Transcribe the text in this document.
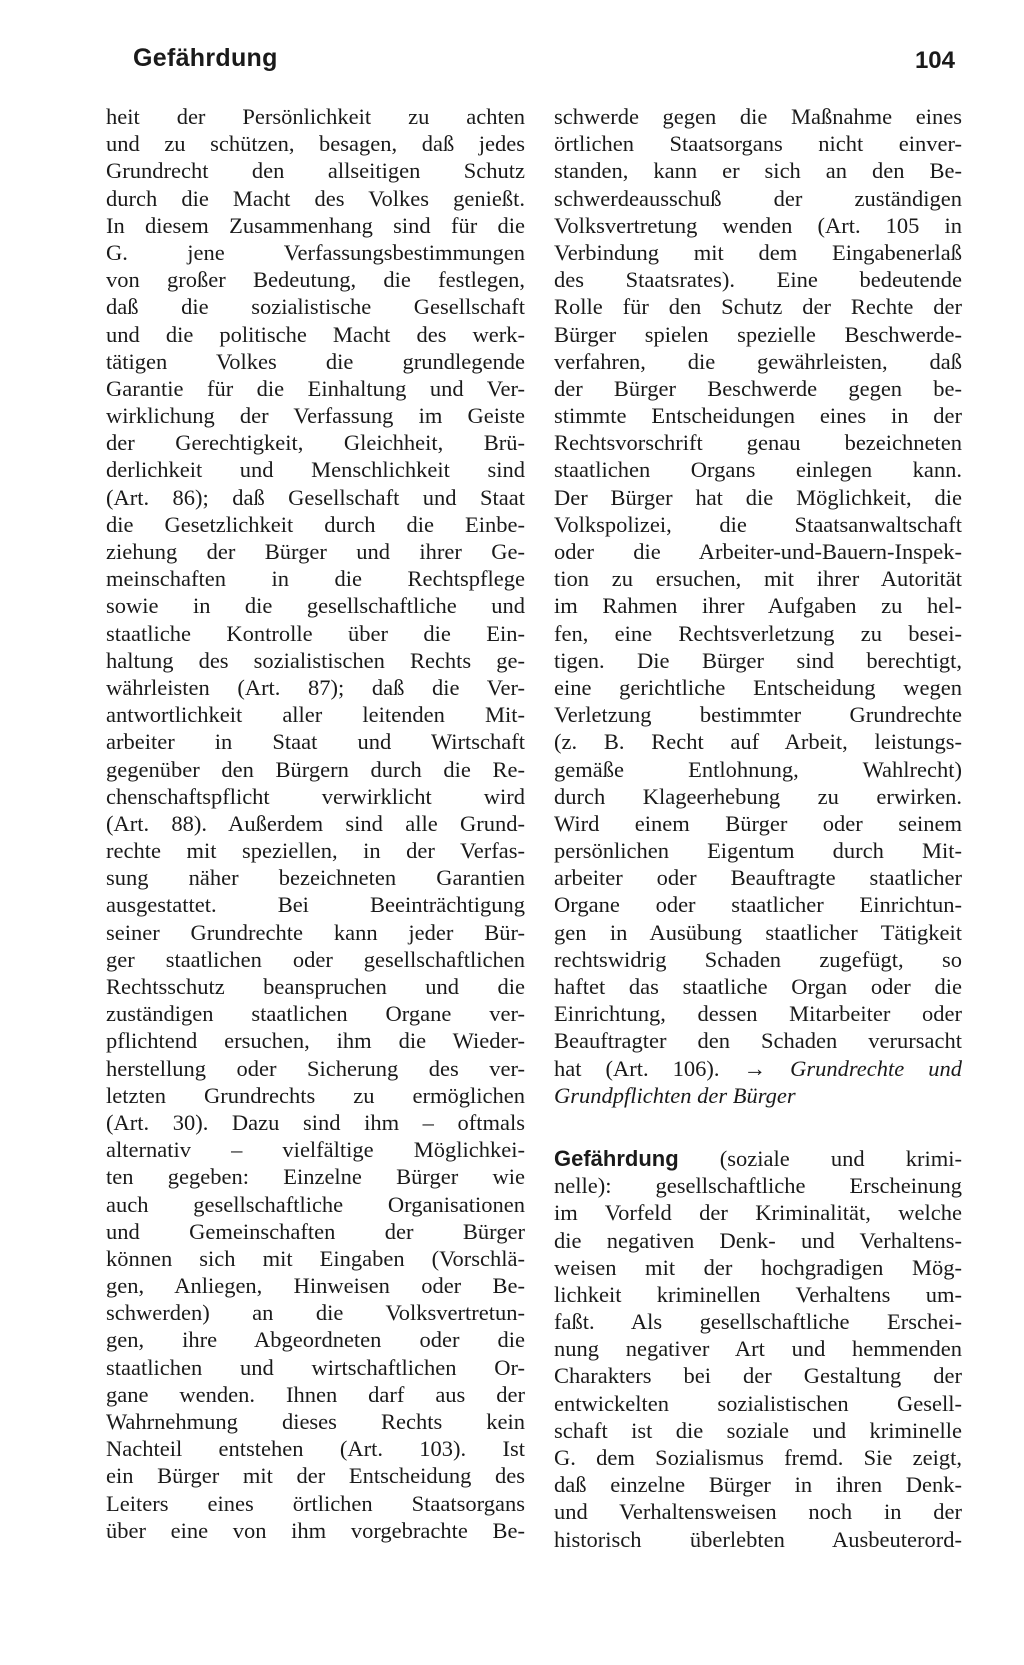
Gefährdung	104
heit der Persönlichkeit zu achten
und zu schützen, besagen, daß jedes
Grundrecht den allseitigen Schutz
durch die Macht des Volkes genießt.
In diesem Zusammenhang sind für die
G. jene Verfassungsbestimmungen
von großer Bedeutung, die festlegen,
daß die sozialistische Gesellschaft
und die politische Macht des werk-
tätigen Volkes die grundlegende
Garantie für die Einhaltung und Ver-
wirklichung der Verfassung im Geiste
der Gerechtigkeit, Gleichheit, Brü-
derlichkeit und Menschlichkeit sind
(Art. 86); daß Gesellschaft und Staat
die Gesetzlichkeit durch die Einbe-
ziehung der Bürger und ihrer Ge-
meinschaften in die Rechtspflege
sowie in die gesellschaftliche und
staatliche Kontrolle über die Ein-
haltung des sozialistischen Rechts ge-
währleisten (Art. 87); daß die Ver-
antwortlichkeit aller leitenden Mit-
arbeiter in Staat und Wirtschaft
gegenüber den Bürgern durch die Re-
chenschaftspflicht verwirklicht wird
(Art. 88). Außerdem sind alle Grund-
rechte mit speziellen, in der Verfas-
sung näher bezeichneten Garantien
ausgestattet. Bei Beeinträchtigung
seiner Grundrechte kann jeder Bür-
ger staatlichen oder gesellschaftlichen
Rechtsschutz beanspruchen und die
zuständigen staatlichen Organe ver-
pflichtend ersuchen, ihm die Wieder-
herstellung oder Sicherung des ver-
letzten Grundrechts zu ermöglichen
(Art. 30). Dazu sind ihm – oftmals
alternativ – vielfältige Möglichkei-
ten gegeben: Einzelne Bürger wie
auch gesellschaftliche Organisationen
und Gemeinschaften der Bürger
können sich mit Eingaben (Vorschlä-
gen, Anliegen, Hinweisen oder Be-
schwerden) an die Volksvertretun-
gen, ihre Abgeordneten oder die
staatlichen und wirtschaftlichen Or-
gane wenden. Ihnen darf aus der
Wahrnehmung dieses Rechts kein
Nachteil entstehen (Art. 103). Ist
ein Bürger mit der Entscheidung des
Leiters eines örtlichen Staatsorgans
über eine von ihm vorgebrachte Be-
schwerde gegen die Maßnahme eines
örtlichen Staatsorgans nicht einver-
standen, kann er sich an den Be-
schwerdeausschuß der zuständigen
Volksvertretung wenden (Art. 105 in
Verbindung mit dem Eingabenerlaß
des Staatsrates). Eine bedeutende
Rolle für den Schutz der Rechte der
Bürger spielen spezielle Beschwerde-
verfahren, die gewährleisten, daß
der Bürger Beschwerde gegen be-
stimmte Entscheidungen eines in der
Rechtsvorschrift genau bezeichneten
staatlichen Organs einlegen kann.
Der Bürger hat die Möglichkeit, die
Volkspolizei, die Staatsanwaltschaft
oder die Arbeiter-und-Bauern-Inspek-
tion zu ersuchen, mit ihrer Autorität
im Rahmen ihrer Aufgaben zu hel-
fen, eine Rechtsverletzung zu besei-
tigen. Die Bürger sind berechtigt,
eine gerichtliche Entscheidung wegen
Verletzung bestimmter Grundrechte
(z. B. Recht auf Arbeit, leistungs-
gemäße Entlohnung, Wahlrecht)
durch Klageerhebung zu erwirken.
Wird einem Bürger oder seinem
persönlichen Eigentum durch Mit-
arbeiter oder Beauftragte staatlicher
Organe oder staatlicher Einrichtun-
gen in Ausübung staatlicher Tätigkeit
rechtswidrig Schaden zugefügt, so
haftet das staatliche Organ oder die
Einrichtung, dessen Mitarbeiter oder
Beauftragter den Schaden verursacht
hat (Art. 106). → Grundrechte und
Grundpflichten der Bürger
Gefährdung (soziale und krimi-
nelle): gesellschaftliche Erscheinung
im Vorfeld der Kriminalität, welche
die negativen Denk- und Verhaltens-
weisen mit der hochgradigen Mög-
lichkeit kriminellen Verhaltens um-
faßt. Als gesellschaftliche Erschei-
nung negativer Art und hemmenden
Charakters bei der Gestaltung der
entwickelten sozialistischen Gesell-
schaft ist die soziale und kriminelle
G. dem Sozialismus fremd. Sie zeigt,
daß einzelne Bürger in ihren Denk-
und Verhaltensweisen noch in der
historisch überlebten Ausbeuterord-
